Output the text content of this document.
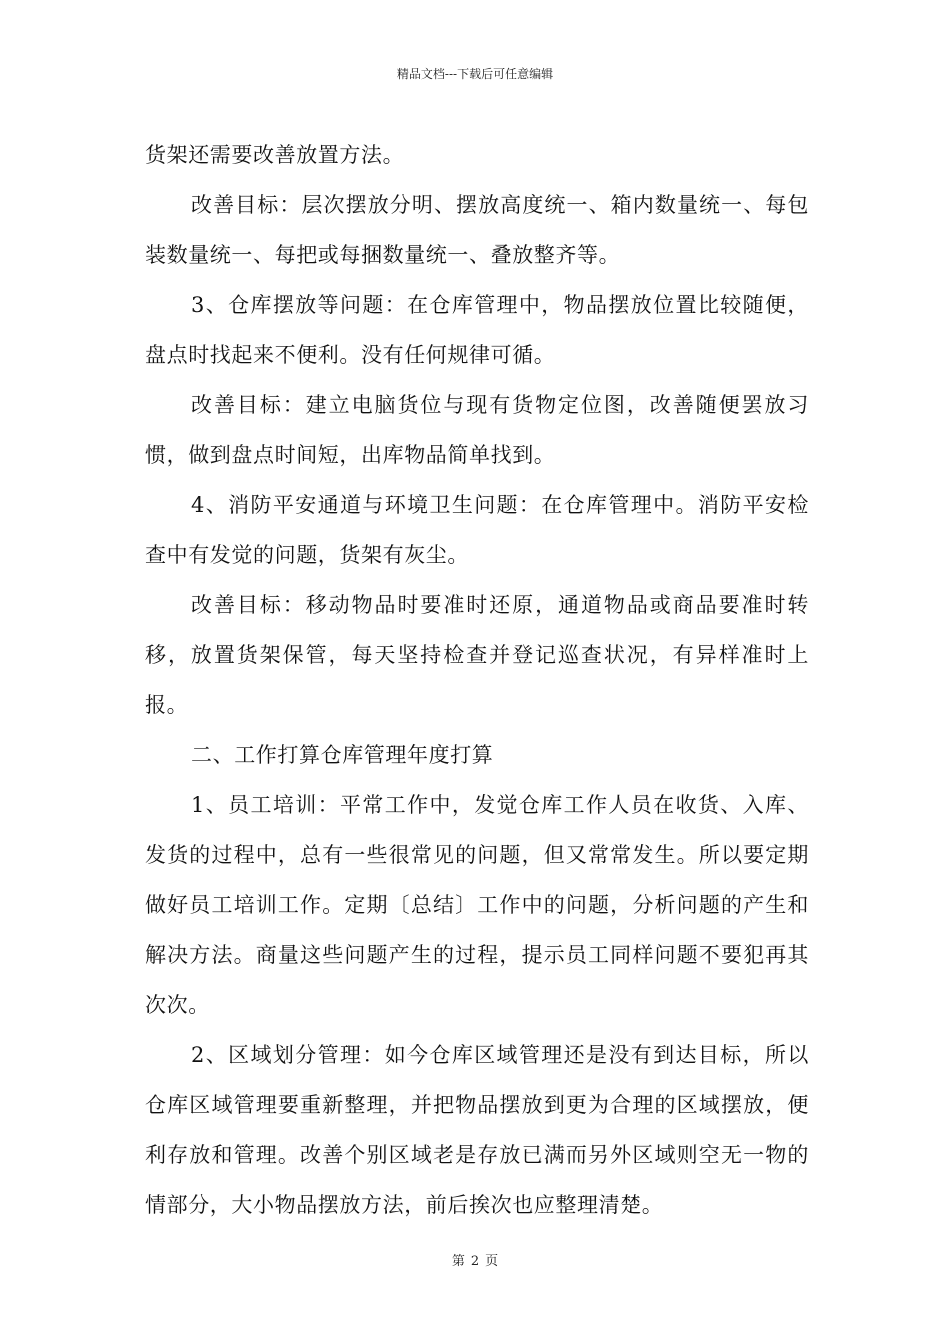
精品文档---下载后可任意编辑

货架还需要改善放置方法。

改善目标：层次摆放分明、摆放高度统一、箱内数量统一、每包装数量统一、每把或每捆数量统一、叠放整齐等。

3、仓库摆放等问题：在仓库管理中，物品摆放位置比较随便，盘点时找起来不便利。没有任何规律可循。

改善目标：建立电脑货位与现有货物定位图，改善随便罢放习惯，做到盘点时间短，出库物品简单找到。

4、消防平安通道与环境卫生问题：在仓库管理中。消防平安检查中有发觉的问题，货架有灰尘。

改善目标：移动物品时要准时还原，通道物品或商品要准时转移，放置货架保管，每天坚持检查并登记巡查状况，有异样准时上报。

二、工作打算仓库管理年度打算

1、员工培训：平常工作中，发觉仓库工作人员在收货、入库、发货的过程中，总有一些很常见的问题，但又常常发生。所以要定期做好员工培训工作。定期〔总结〕工作中的问题，分析问题的产生和解决方法。商量这些问题产生的过程，提示员工同样问题不要犯再其次次。

2、区域划分管理：如今仓库区域管理还是没有到达目标，所以仓库区域管理要重新整理，并把物品摆放到更为合理的区域摆放，便利存放和管理。改善个别区域老是存放已满而另外区域则空无一物的情部分，大小物品摆放方法，前后挨次也应整理清楚。

第 2 页
